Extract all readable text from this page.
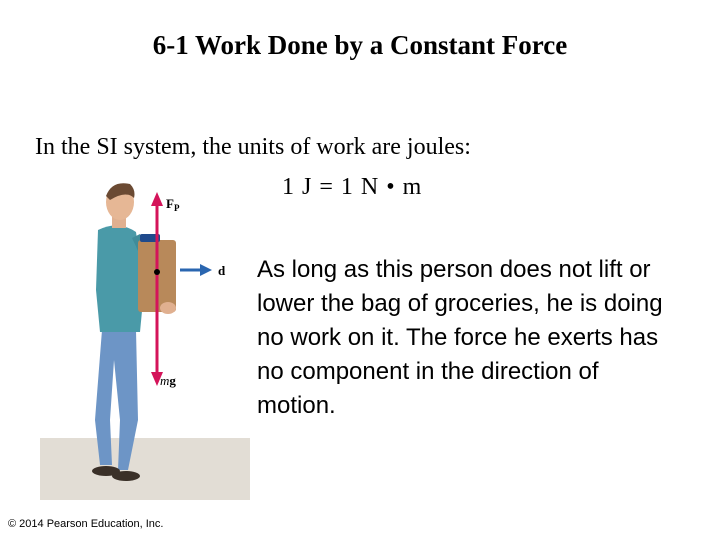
6-1 Work Done by a Constant Force
In the SI system, the units of work are joules:
1 J = 1 N • m
$F_P$
d
mg
As long as this person does not lift or lower the bag of groceries, he is doing no work on it. The force he exerts has no component in the direction of motion.
© 2014 Pearson Education, Inc.
